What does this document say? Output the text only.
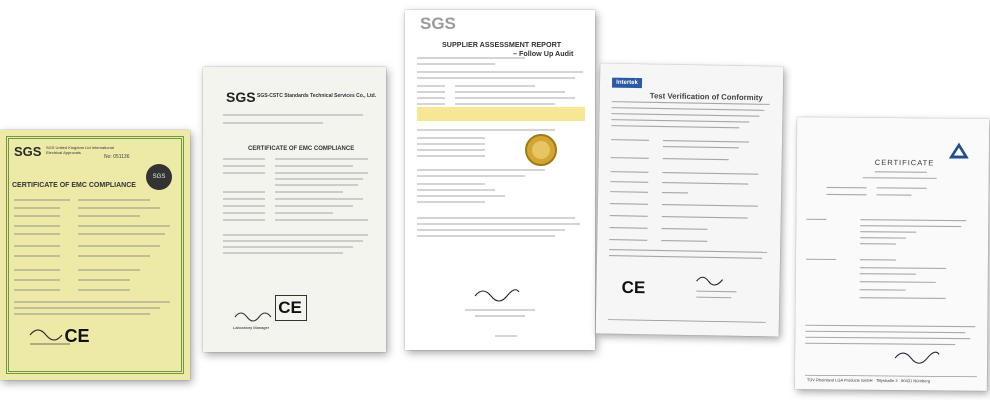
SGS SGS United Kingdom Ltd International Electrical Approvals
No: 051136
SGS
CERTIFICATE OF EMC COMPLIANCE
CE
SGS SGS-CSTC Standards Technical Services Co., Ltd.
CERTIFICATE OF EMC COMPLIANCE
CE
Laboratory Manager
SGS
SUPPLIER ASSESSMENT REPORT
– Follow Up Audit
Intertek
Test Verification of Conformity
CE
CERTIFICATE
TÜV Rheinland LGA Products GmbH · Tillystraße 2 · 90431 Nürnberg
